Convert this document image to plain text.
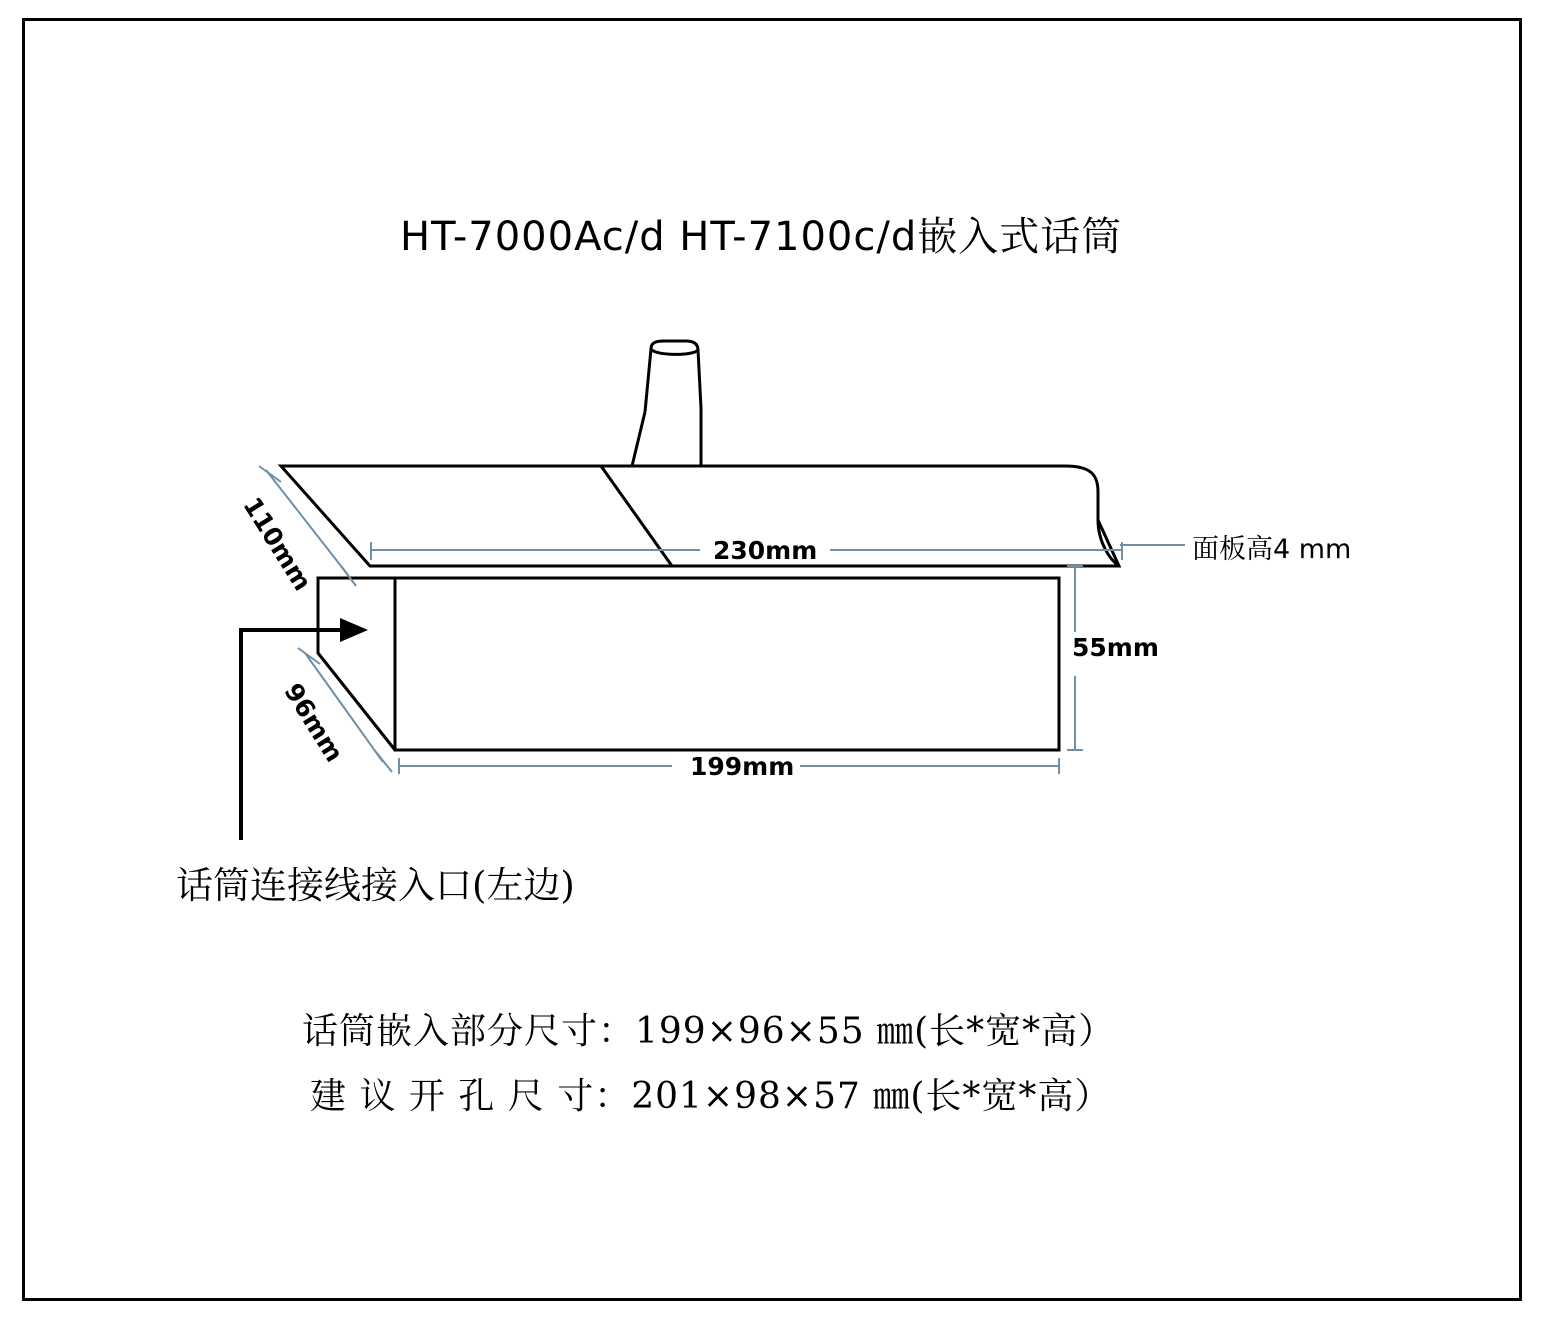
HT-7000Ac/d HT-7100c/d嵌入式话筒
110mm
96mm
230mm
199mm
55mm
面板高4 mm
话筒连接线接入口(左边)
话筒嵌入部分尺寸：199×96×55 ㎜(长*宽*高）
建 议 开 孔 尺 寸：201×98×57 ㎜(长*宽*高）
